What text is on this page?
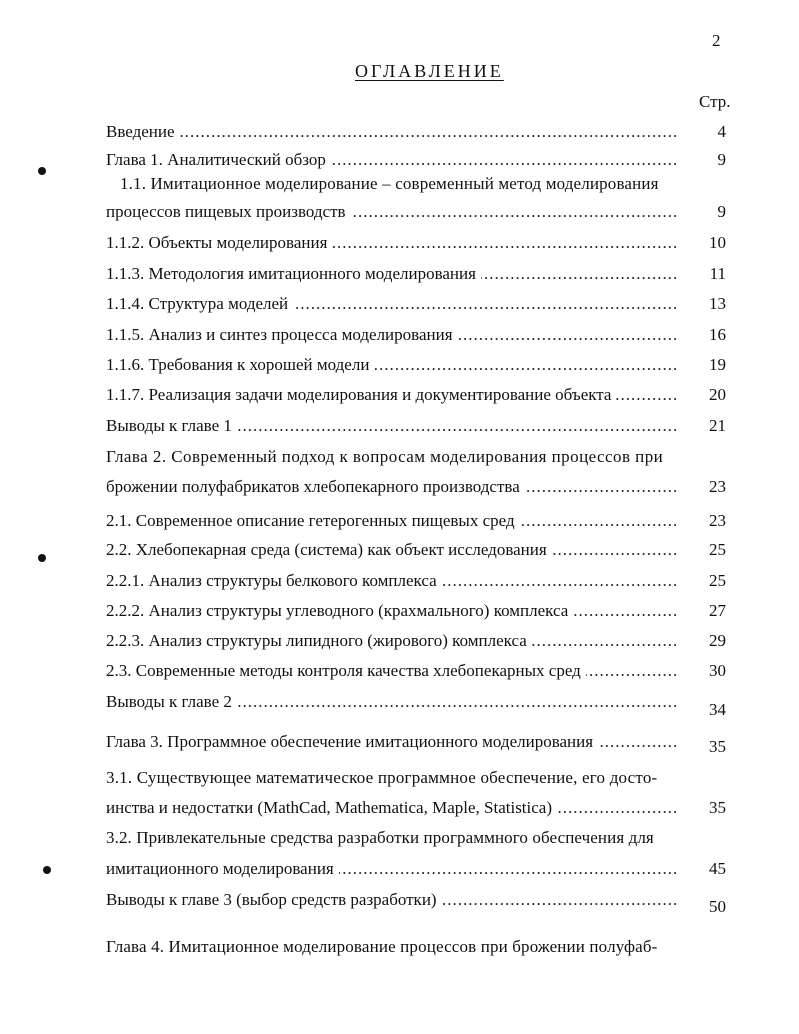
2
ОГЛАВЛЕНИЕ
Стр.
Введение .....	4
Глава 1. Аналитический обзор .....	9
1.1. Имитационное моделирование – современный метод моделирования
процессов пищевых производств .....	9
1.1.2. Объекты моделирования .....	10
1.1.3. Методология имитационного моделирования .....	11
1.1.4. Структура моделей .....	13
1.1.5. Анализ и синтез процесса моделирования .....	16
1.1.6. Требования к хорошей модели .....	19
1.1.7. Реализация задачи моделирования и документирование объекта .....	20
Выводы к главе 1 .....	21
Глава 2. Современный подход к вопросам моделирования процессов при
брожении полуфабрикатов хлебопекарного производства .....	23
2.1. Современное описание гетерогенных пищевых сред .....	23
2.2. Хлебопекарная среда (система) как объект исследования .....	25
2.2.1. Анализ структуры белкового комплекса .....	25
2.2.2. Анализ структуры углеводного (крахмального) комплекса .....	27
2.2.3. Анализ структуры липидного (жирового) комплекса .....	29
2.3. Современные методы контроля качества хлебопекарных сред .....	30
Выводы к главе 2 .....	34
Глава 3. Программное обеспечение имитационного моделирования .....	35
3.1. Существующее математическое программное обеспечение, его досто-
инства и недостатки (MathCad, Mathematica, Maple, Statistica) .....	35
3.2. Привлекательные средства разработки программного обеспечения для
имитационного моделирования .....	45
Выводы к главе 3 (выбор средств разработки) .....	50
Глава 4. Имитационное моделирование процессов при брожении полуфаб-
